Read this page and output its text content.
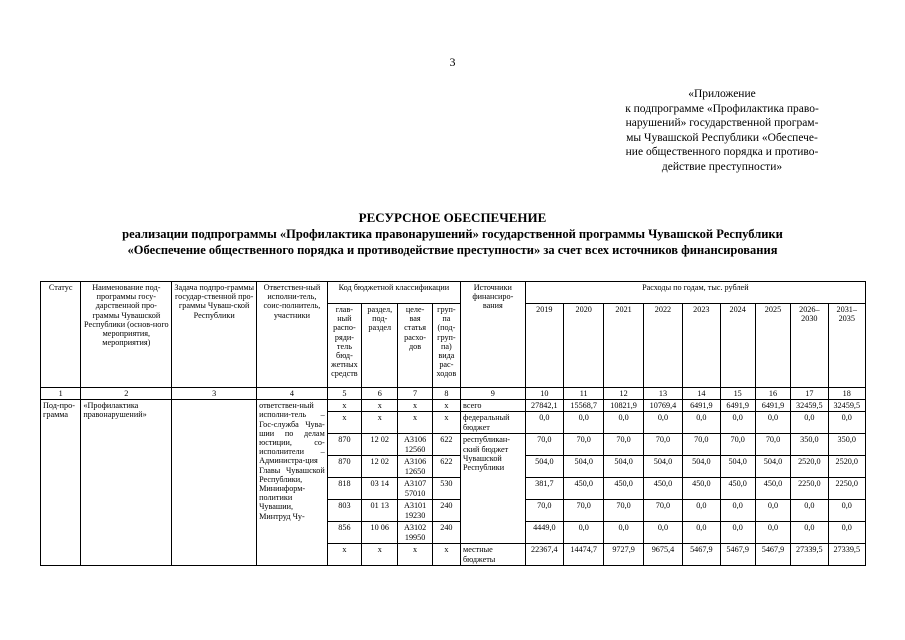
3
«Приложение
к подпрограмме «Профилактика право-
нарушений» государственной програм-
мы Чувашской Республики «Обеспече-
ние общественного порядка и противо-
действие преступности»
РЕСУРСНОЕ ОБЕСПЕЧЕНИЕ
реализации подпрограммы «Профилактика правонарушений» государственной программы Чувашской Республики
«Обеспечение общественного порядка и противодействие преступности» за счет всех источников финансирования
Статус	Наименование под-программы госу-дарственной про-граммы Чувашской Республики (основ-ного мероприятия, мероприятия)	Задача подпро-граммы государ-ственной про-граммы Чуваш-ской Республики	Ответствен-ный исполни-тель, соис-полнитель, участники	Код бюджетной классификации				Источники финансиро-вания	Расходы по годам, тыс. рублей								
				глав-ный распо-ряди-тель бюд-жетных средств	раздел, под-раздел	целе-вая статья расхо-дов	груп-па (под-груп-па) вида рас-ходов		2019	2020	2021	2022	2023	2024	2025	2026–2030	2031–2035

1	2	3	4	5	6	7	8	9	10	11	12	13	14	15	16	17	18
Под-про-грамма	«Профилактика правонарушений»		ответствен-ный исполни-тель – Гос-служба Чува-шии по делам юстиции, со-исполнители – Администра-ция Главы Чувашской Республики, Мининформ-политики Чувашии, Минтруд Чу-	x	x	x	x	всего	27842,1	15568,7	10821,9	10769,4	6491,9	6491,9	6491,9	32459,5	32459,5
				x	x	x	x	федеральный бюджет	0,0	0,0	0,0	0,0	0,0	0,0	0,0	0,0	0,0
				870	12 02	А3106 12560	622	республикан-ский бюджет Чувашской Республики	70,0	70,0	70,0	70,0	70,0	70,0	70,0	350,0	350,0
				870	12 02	А3106 12650	622		504,0	504,0	504,0	504,0	504,0	504,0	504,0	2520,0	2520,0
				818	03 14	А3107 57010	530		381,7	450,0	450,0	450,0	450,0	450,0	450,0	2250,0	2250,0
				803	01 13	А3101 19230	240		70,0	70,0	70,0	70,0	0,0	0,0	0,0	0,0	0,0
				856	10 06	А3102 19950	240		4449,0	0,0	0,0	0,0	0,0	0,0	0,0	0,0	0,0
				x	x	x	x	местные бюджеты	22367,4	14474,7	9727,9	9675,4	5467,9	5467,9	5467,9	27339,5	27339,5
